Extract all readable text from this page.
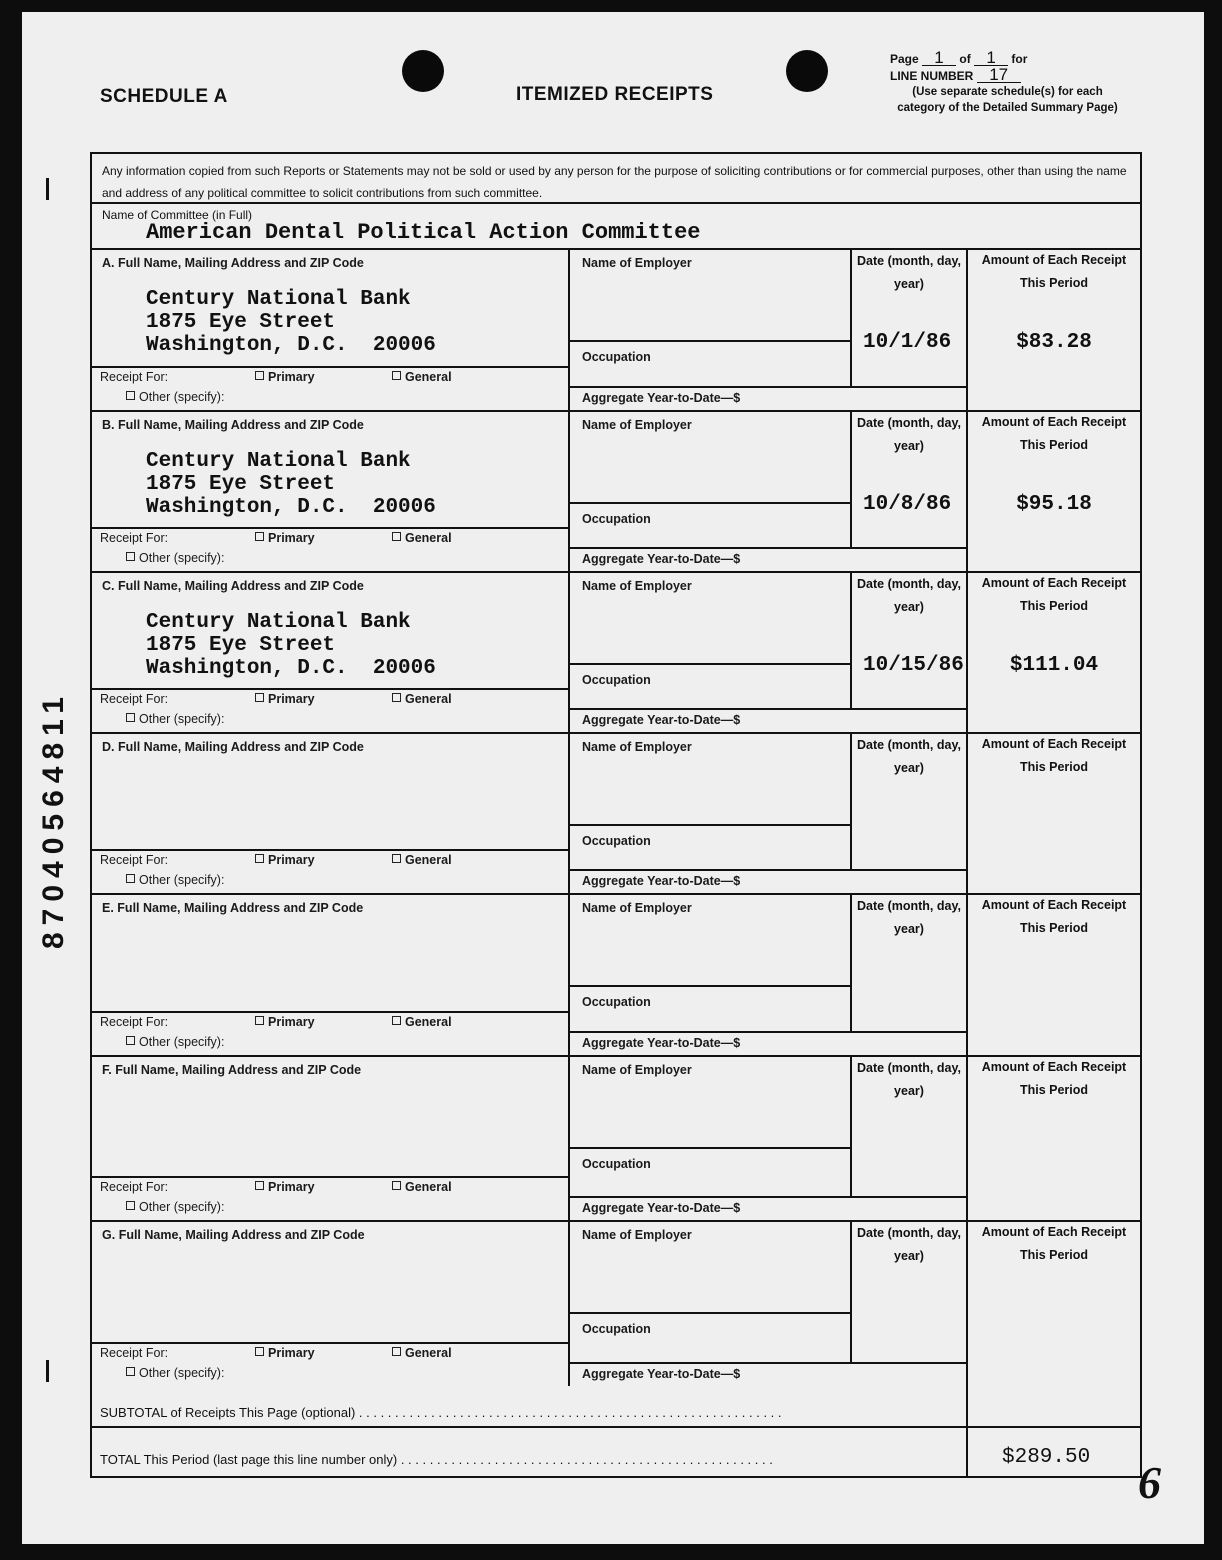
SCHEDULE A	ITEMIZED RECEIPTS
Page 1 of 1 for
LINE NUMBER 17
(Use separate schedule(s) for each category of the Detailed Summary Page)
87040564811
Any information copied from such Reports or Statements may not be sold or used by any person for the purpose of soliciting contributions or for commercial purposes, other than using the name and address of any political committee to solicit contributions from such committee.
Name of Committee (in Full)
American Dental Political Action Committee
A. Full Name, Mailing Address and ZIP Code
Century National Bank
1875 Eye Street
Washington, D.C.  20006
Receipt For:	Primary	General
Other (specify):
Name of Employer
Occupation
Aggregate Year-to-Date—$
Date (month, day, year)
10/1/86
Amount of Each Receipt This Period
$83.28
B. Full Name, Mailing Address and ZIP Code
Century National Bank
1875 Eye Street
Washington, D.C.  20006
Receipt For:	Primary	General
Other (specify):
Name of Employer
Occupation
Aggregate Year-to-Date—$
Date (month, day, year)
10/8/86
Amount of Each Receipt This Period
$95.18
C. Full Name, Mailing Address and ZIP Code
Century National Bank
1875 Eye Street
Washington, D.C.  20006
Receipt For:	Primary	General
Other (specify):
Name of Employer
Occupation
Aggregate Year-to-Date—$
Date (month, day, year)
10/15/86
Amount of Each Receipt This Period
$111.04
D. Full Name, Mailing Address and ZIP Code
Receipt For:	Primary	General
Other (specify):
Name of Employer
Occupation
Aggregate Year-to-Date—$
Date (month, day, year)
Amount of Each Receipt This Period
E. Full Name, Mailing Address and ZIP Code
Receipt For:	Primary	General
Other (specify):
Name of Employer
Occupation
Aggregate Year-to-Date—$
Date (month, day, year)
Amount of Each Receipt This Period
F. Full Name, Mailing Address and ZIP Code
Receipt For:	Primary	General
Other (specify):
Name of Employer
Occupation
Aggregate Year-to-Date—$
Date (month, day, year)
Amount of Each Receipt This Period
G. Full Name, Mailing Address and ZIP Code
Receipt For:	Primary	General
Other (specify):
Name of Employer
Occupation
Aggregate Year-to-Date—$
Date (month, day, year)
Amount of Each Receipt This Period
SUBTOTAL of Receipts This Page (optional) . . . . . . . . . . . . . . . . . . . . . . . . . . . . . . . . . . . . . . . . . . . . . . . . . . . . . . . . . . .
TOTAL This Period (last page this line number only) . . . . . . . . . . . . . . . . . . . . . . . . . . . . . . . . . . . . . . . . . . . . . . . . . . . .	$289.50 6
